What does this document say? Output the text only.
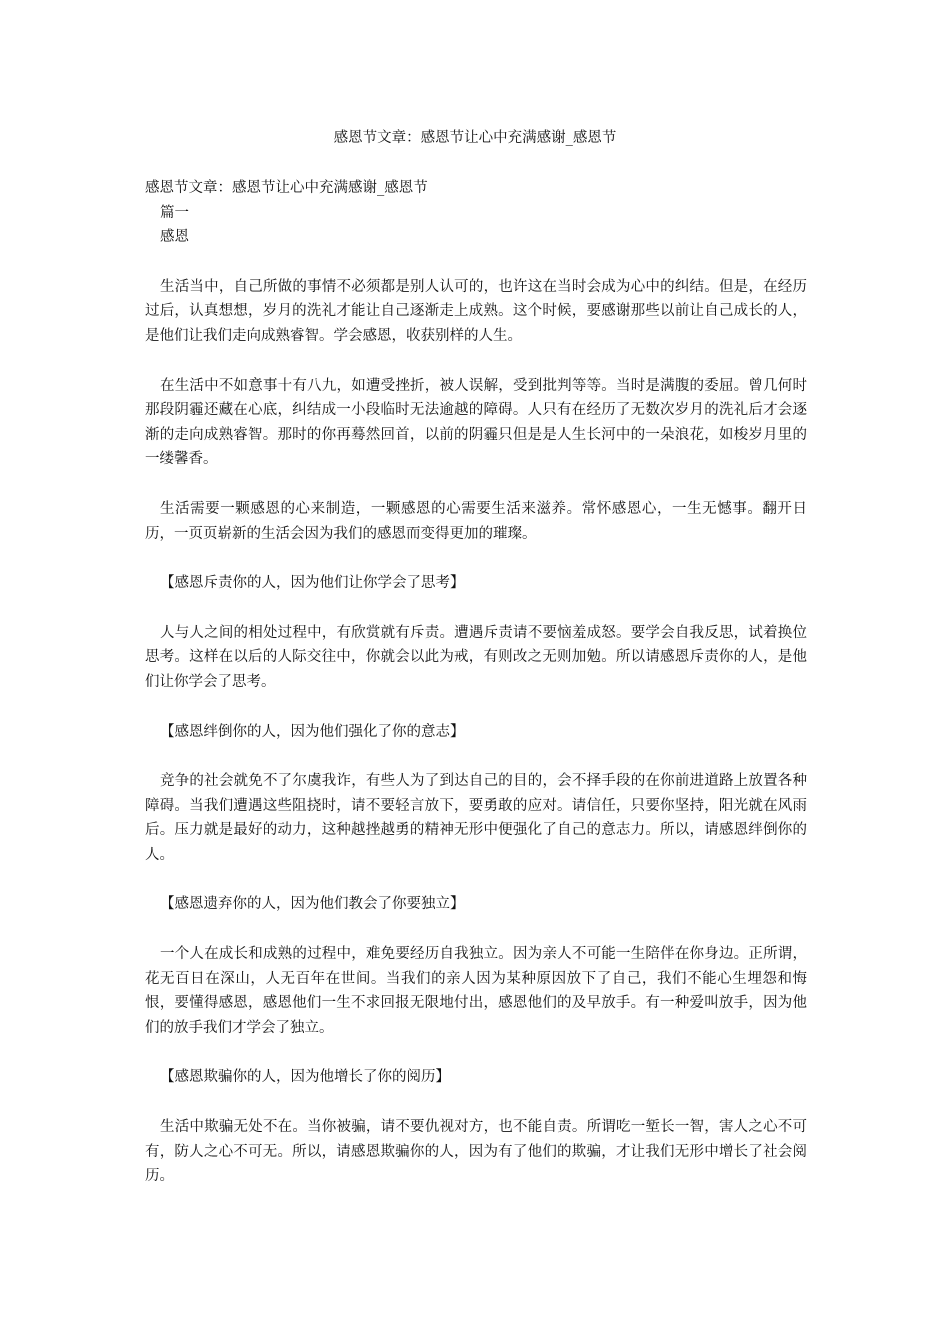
感恩节文章：感恩节让心中充满感谢_感恩节

感恩节文章：感恩节让心中充满感谢_感恩节

篇一

感恩

生活当中，自己所做的事情不必须都是别人认可的，也许这在当时会成为心中的纠结。但是，在经历过后，认真想想，岁月的洗礼才能让自己逐渐走上成熟。这个时候，要感谢那些以前让自己成长的人，是他们让我们走向成熟睿智。学会感恩，收获别样的人生。

在生活中不如意事十有八九，如遭受挫折，被人误解，受到批判等等。当时是满腹的委屈。曾几何时那段阴霾还藏在心底，纠结成一小段临时无法逾越的障碍。人只有在经历了无数次岁月的洗礼后才会逐渐的走向成熟睿智。那时的你再蓦然回首，以前的阴霾只但是是人生长河中的一朵浪花，如梭岁月里的一缕馨香。

生活需要一颗感恩的心来制造，一颗感恩的心需要生活来滋养。常怀感恩心，一生无憾事。翻开日历，一页页崭新的生活会因为我们的感恩而变得更加的璀璨。

【感恩斥责你的人，因为他们让你学会了思考】

人与人之间的相处过程中，有欣赏就有斥责。遭遇斥责请不要恼羞成怒。要学会自我反思，试着换位思考。这样在以后的人际交往中，你就会以此为戒，有则改之无则加勉。所以请感恩斥责你的人，是他们让你学会了思考。

【感恩绊倒你的人，因为他们强化了你的意志】

竞争的社会就免不了尔虞我诈，有些人为了到达自己的目的，会不择手段的在你前进道路上放置各种障碍。当我们遭遇这些阻挠时，请不要轻言放下，要勇敢的应对。请信任，只要你坚持，阳光就在风雨后。压力就是最好的动力，这种越挫越勇的精神无形中便强化了自己的意志力。所以，请感恩绊倒你的人。

【感恩遗弃你的人，因为他们教会了你要独立】

一个人在成长和成熟的过程中，难免要经历自我独立。因为亲人不可能一生陪伴在你身边。正所谓，花无百日在深山，人无百年在世间。当我们的亲人因为某种原因放下了自己，我们不能心生埋怨和悔恨，要懂得感恩，感恩他们一生不求回报无限地付出，感恩他们的及早放手。有一种爱叫放手，因为他们的放手我们才学会了独立。

【感恩欺骗你的人，因为他增长了你的阅历】

生活中欺骗无处不在。当你被骗，请不要仇视对方，也不能自责。所谓吃一堑长一智，害人之心不可有，防人之心不可无。所以，请感恩欺骗你的人，因为有了他们的欺骗，才让我们无形中增长了社会阅历。
